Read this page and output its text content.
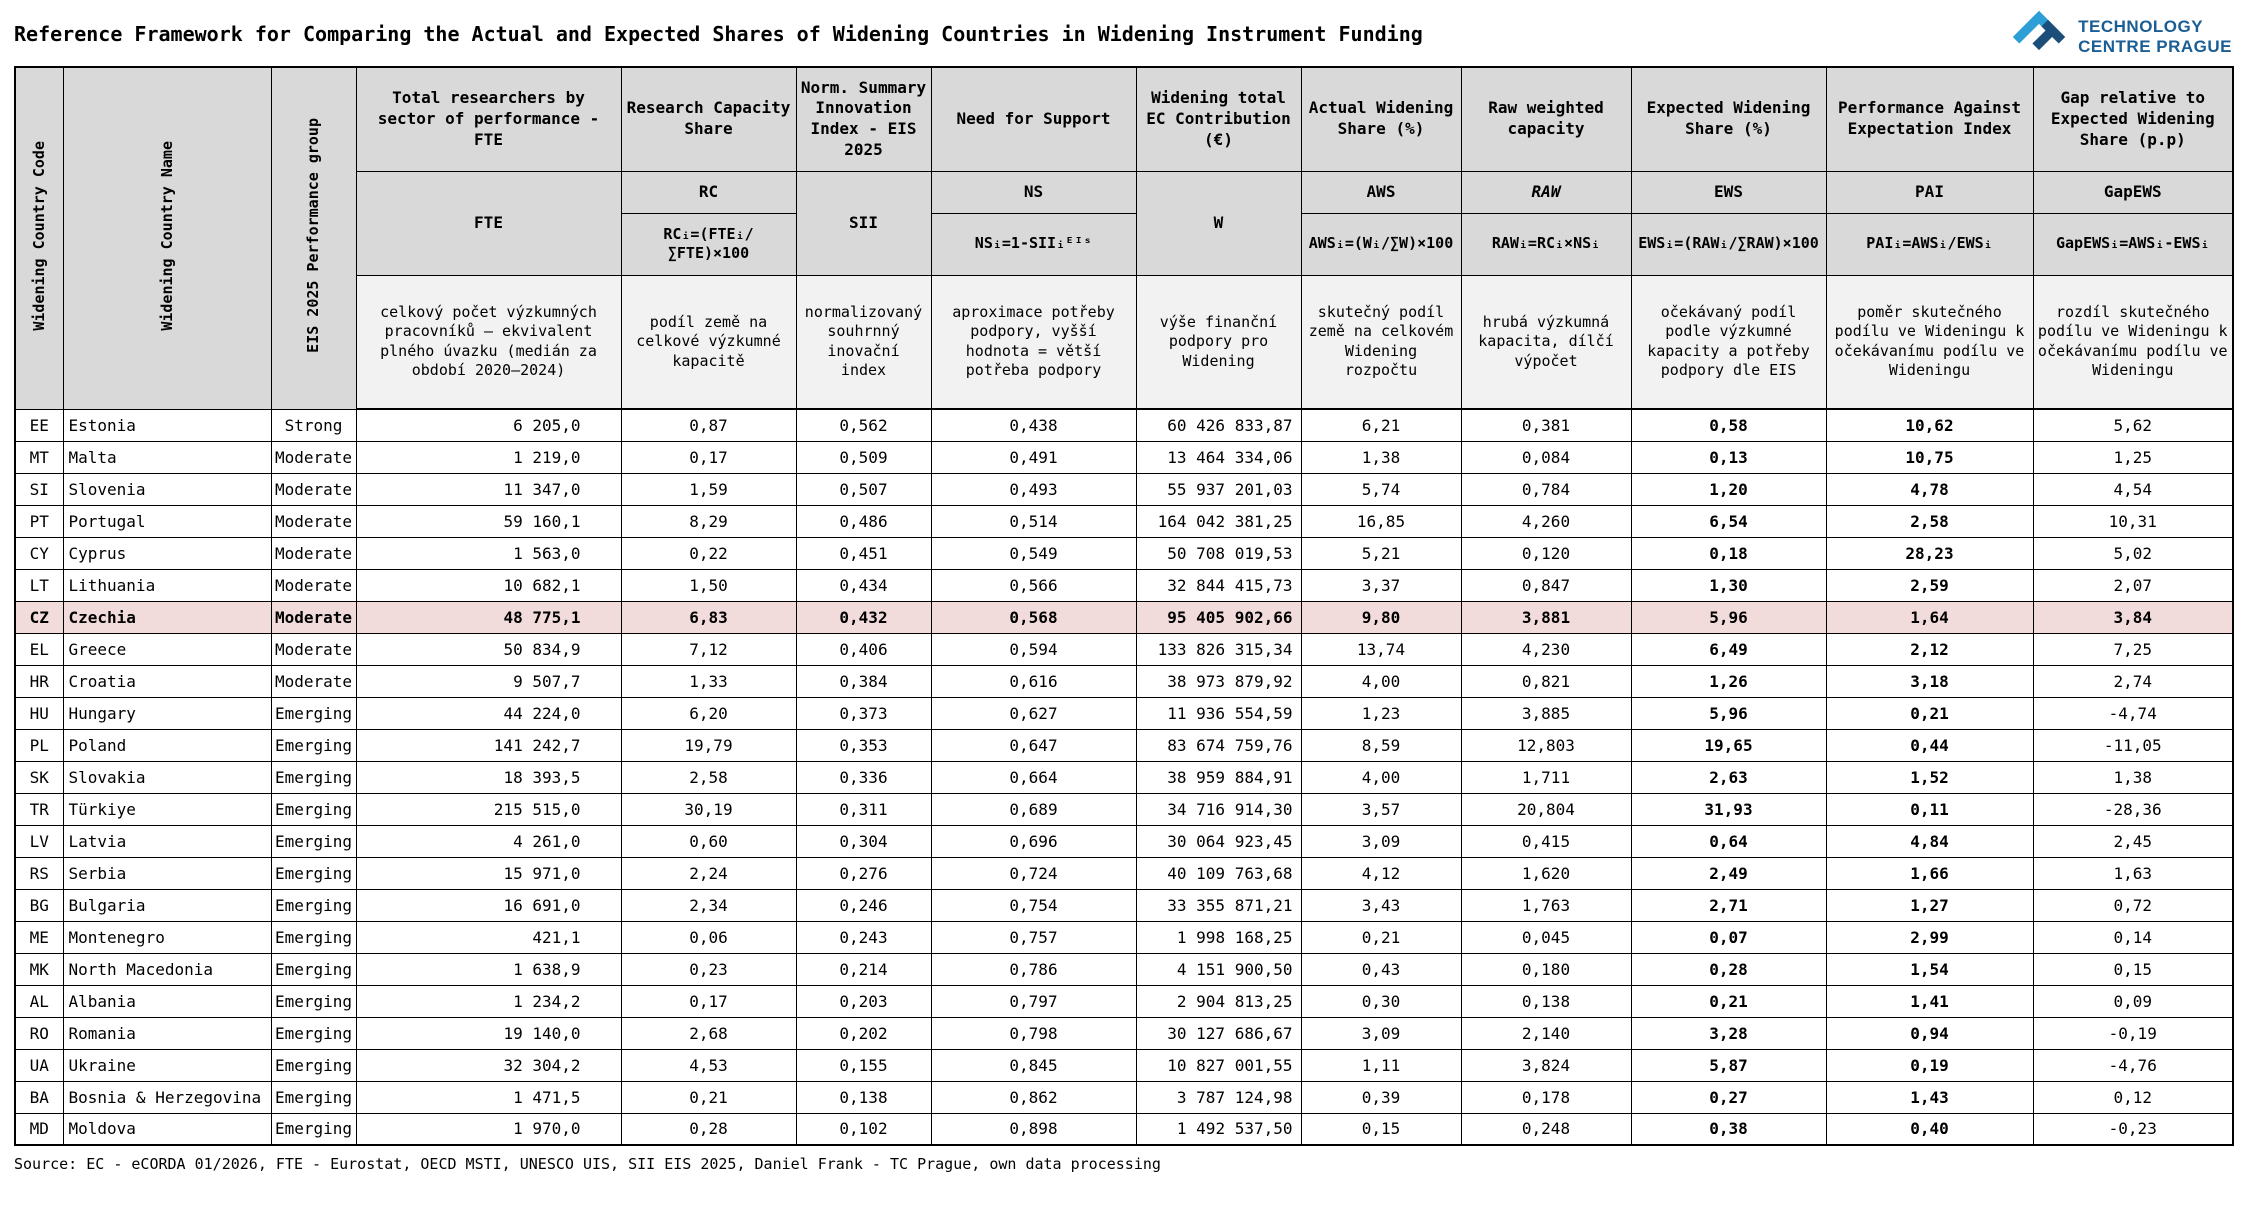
Reference Framework for Comparing the Actual and Expected Shares of Widening Countries in Widening Instrument Funding	TECHNOLOGY
CENTRE PRAGUE
Widening Country Code	Widening Country Name	EIS 2025 Performance group	Total researchers by sector of performance - FTE	Research Capacity Share	Norm. Summary Innovation Index - EIS 2025	Need for Support	Widening total EC Contribution (€)	Actual Widening Share (%)	Raw weighted capacity	Expected Widening Share (%)	Performance Against Expectation Index	Gap relative to Expected Widening Share (p.p)
			FTE	RC	SII	NS	W	AWS	RAW	EWS	PAI	GapEWS
				RCᵢ=(FTEᵢ/∑FTE)×100		NSᵢ=1-SIIᵢᴱᴵˢ		AWSᵢ=(Wᵢ/∑W)×100	RAWᵢ=RCᵢ×NSᵢ	EWSᵢ=(RAWᵢ/∑RAW)×100	PAIᵢ=AWSᵢ/EWSᵢ	GapEWSᵢ=AWSᵢ-EWSᵢ
			celkový počet výzkumných pracovníků – ekvivalent plného úvazku (medián za období 2020–2024)	podíl země na celkové výzkumné kapacitě	normalizovaný souhrnný inovační index	aproximace potřeby podpory, vyšší hodnota = větší potřeba podpory	výše finanční podpory pro Widening	skutečný podíl země na celkovém Widening rozpočtu	hrubá výzkumná kapacita, dílčí výpočet	očekávaný podíl podle výzkumné kapacity a potřeby podpory dle EIS	poměr skutečného podílu ve Wideningu k očekávanímu podílu ve Wideningu	rozdíl skutečného podílu ve Wideningu k očekávanímu podílu ve Wideningu
EE	Estonia	Strong	6 205,0	0,87	0,562	0,438	60 426 833,87	6,21	0,381	0,58	10,62	5,62
MT	Malta	Moderate	1 219,0	0,17	0,509	0,491	13 464 334,06	1,38	0,084	0,13	10,75	1,25
SI	Slovenia	Moderate	11 347,0	1,59	0,507	0,493	55 937 201,03	5,74	0,784	1,20	4,78	4,54
PT	Portugal	Moderate	59 160,1	8,29	0,486	0,514	164 042 381,25	16,85	4,260	6,54	2,58	10,31
CY	Cyprus	Moderate	1 563,0	0,22	0,451	0,549	50 708 019,53	5,21	0,120	0,18	28,23	5,02
LT	Lithuania	Moderate	10 682,1	1,50	0,434	0,566	32 844 415,73	3,37	0,847	1,30	2,59	2,07
CZ	Czechia	Moderate	48 775,1	6,83	0,432	0,568	95 405 902,66	9,80	3,881	5,96	1,64	3,84
EL	Greece	Moderate	50 834,9	7,12	0,406	0,594	133 826 315,34	13,74	4,230	6,49	2,12	7,25
HR	Croatia	Moderate	9 507,7	1,33	0,384	0,616	38 973 879,92	4,00	0,821	1,26	3,18	2,74
HU	Hungary	Emerging	44 224,0	6,20	0,373	0,627	11 936 554,59	1,23	3,885	5,96	0,21	-4,74
PL	Poland	Emerging	141 242,7	19,79	0,353	0,647	83 674 759,76	8,59	12,803	19,65	0,44	-11,05
SK	Slovakia	Emerging	18 393,5	2,58	0,336	0,664	38 959 884,91	4,00	1,711	2,63	1,52	1,38
TR	Türkiye	Emerging	215 515,0	30,19	0,311	0,689	34 716 914,30	3,57	20,804	31,93	0,11	-28,36
LV	Latvia	Emerging	4 261,0	0,60	0,304	0,696	30 064 923,45	3,09	0,415	0,64	4,84	2,45
RS	Serbia	Emerging	15 971,0	2,24	0,276	0,724	40 109 763,68	4,12	1,620	2,49	1,66	1,63
BG	Bulgaria	Emerging	16 691,0	2,34	0,246	0,754	33 355 871,21	3,43	1,763	2,71	1,27	0,72
ME	Montenegro	Emerging	421,1	0,06	0,243	0,757	1 998 168,25	0,21	0,045	0,07	2,99	0,14
MK	North Macedonia	Emerging	1 638,9	0,23	0,214	0,786	4 151 900,50	0,43	0,180	0,28	1,54	0,15
AL	Albania	Emerging	1 234,2	0,17	0,203	0,797	2 904 813,25	0,30	0,138	0,21	1,41	0,09
RO	Romania	Emerging	19 140,0	2,68	0,202	0,798	30 127 686,67	3,09	2,140	3,28	0,94	-0,19
UA	Ukraine	Emerging	32 304,2	4,53	0,155	0,845	10 827 001,55	1,11	3,824	5,87	0,19	-4,76
BA	Bosnia & Herzegovina	Emerging	1 471,5	0,21	0,138	0,862	3 787 124,98	0,39	0,178	0,27	1,43	0,12
MD	Moldova	Emerging	1 970,0	0,28	0,102	0,898	1 492 537,50	0,15	0,248	0,38	0,40	-0,23
Source: EC - eCORDA 01/2026, FTE - Eurostat, OECD MSTI, UNESCO UIS, SII EIS 2025, Daniel Frank - TC Prague, own data processing
